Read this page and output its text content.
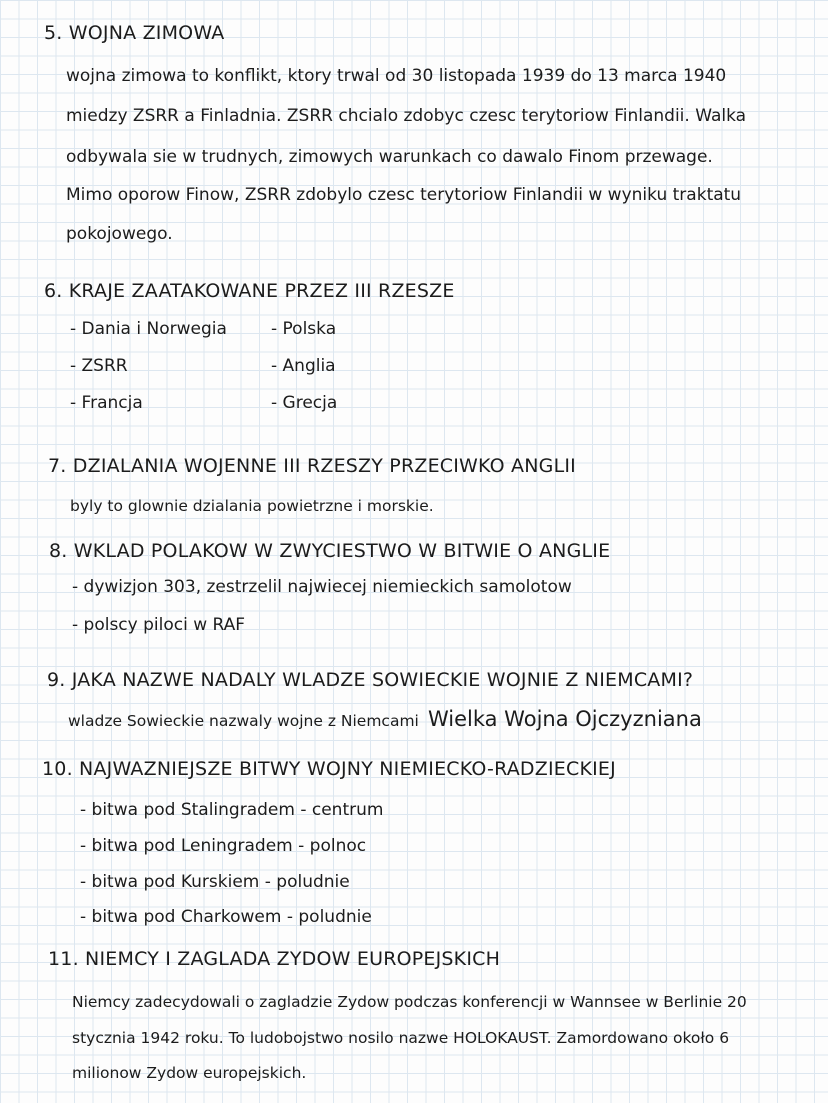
5. WOJNA ZIMOWA
wojna zimowa to konflikt, ktory trwal od 30 listopada 1939 do 13 marca 1940
miedzy ZSRR a Finladnia. ZSRR chcialo zdobyc czesc terytoriow Finlandii. Walka
odbywala sie w trudnych, zimowych warunkach co dawalo Finom przewage.
Mimo oporow Finow, ZSRR zdobylo czesc terytoriow Finlandii w wyniku traktatu
pokojowego.
6. KRAJE ZAATAKOWANE PRZEZ III RZESZE
- Dania i Norwegia
- ZSRR
- Francja
- Polska
- Anglia
- Grecja
7. DZIALANIA WOJENNE III RZESZY PRZECIWKO ANGLII
byly to glownie dzialania powietrzne i morskie.
8. WKLAD POLAKOW W ZWYCIESTWO W BITWIE O ANGLIE
- dywizjon 303, zestrzelil najwiecej niemieckich samolotow
- polscy piloci w RAF
9. JAKA NAZWE NADALY WLADZE SOWIECKIE WOJNIE Z NIEMCAMI?
wladze Sowieckie nazwaly wojne z Niemcami Wielka Wojna Ojczyzniana
10. NAJWAZNIEJSZE BITWY WOJNY NIEMIECKO-RADZIECKIEJ
- bitwa pod Stalingradem - centrum
- bitwa pod Leningradem - polnoc
- bitwa pod Kurskiem - poludnie
- bitwa pod Charkowem - poludnie
11. NIEMCY I ZAGLADA ZYDOW EUROPEJSKICH
Niemcy zadecydowali o zagladzie Zydow podczas konferencji w Wannsee w Berlinie 20
stycznia 1942 roku. To ludobojstwo nosilo nazwe HOLOKAUST. Zamordowano około 6
milionow Zydow europejskich.
